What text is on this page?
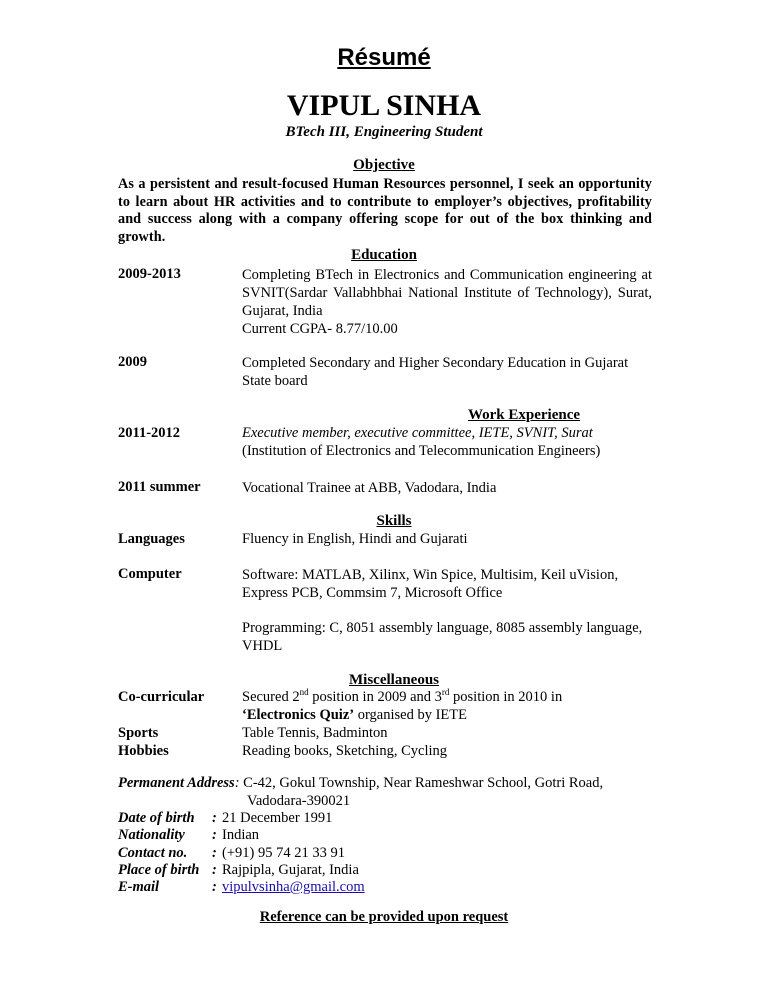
Résumé
VIPUL SINHA
BTech III, Engineering Student
Objective
As a persistent and result-focused Human Resources personnel, I seek an opportunity to learn about HR activities and to contribute to employer’s objectives, profitability and success along with a company offering scope for out of the box thinking and growth.
Education
2009-2013	Completing BTech in Electronics and Communication engineering at SVNIT(Sardar Vallabhbhai National Institute of Technology), Surat, Gujarat, India
Current CGPA- 8.77/10.00
2009	Completed Secondary and Higher Secondary Education in Gujarat State board
Work Experience
2011-2012	Executive member, executive committee, IETE, SVNIT, Surat
(Institution of Electronics and Telecommunication Engineers)
2011 summer	Vocational Trainee at ABB, Vadodara, India
Skills
Languages	Fluency in English, Hindi and Gujarati
Computer	Software: MATLAB, Xilinx, Win Spice, Multisim, Keil uVision, Express PCB, Commsim 7, Microsoft Office
Programming: C, 8051 assembly language, 8085 assembly language, VHDL
Miscellaneous
Co-curricular	Secured 2nd position in 2009 and 3rd position in 2010 in
‘Electronics Quiz’ organised by IETE
Sports	Table Tennis, Badminton
Hobbies	Reading books, Sketching, Cycling
Permanent Address: C-42, Gokul Township, Near Rameshwar School, Gotri Road,
Vadodara-390021
Date of birth	: 21 December 1991
Nationality	: Indian
Contact no.	: (+91) 95 74 21 33 91
Place of birth : Rajpipla, Gujarat, India
E-mail	: vipulvsinha@gmail.com
Reference can be provided upon request
